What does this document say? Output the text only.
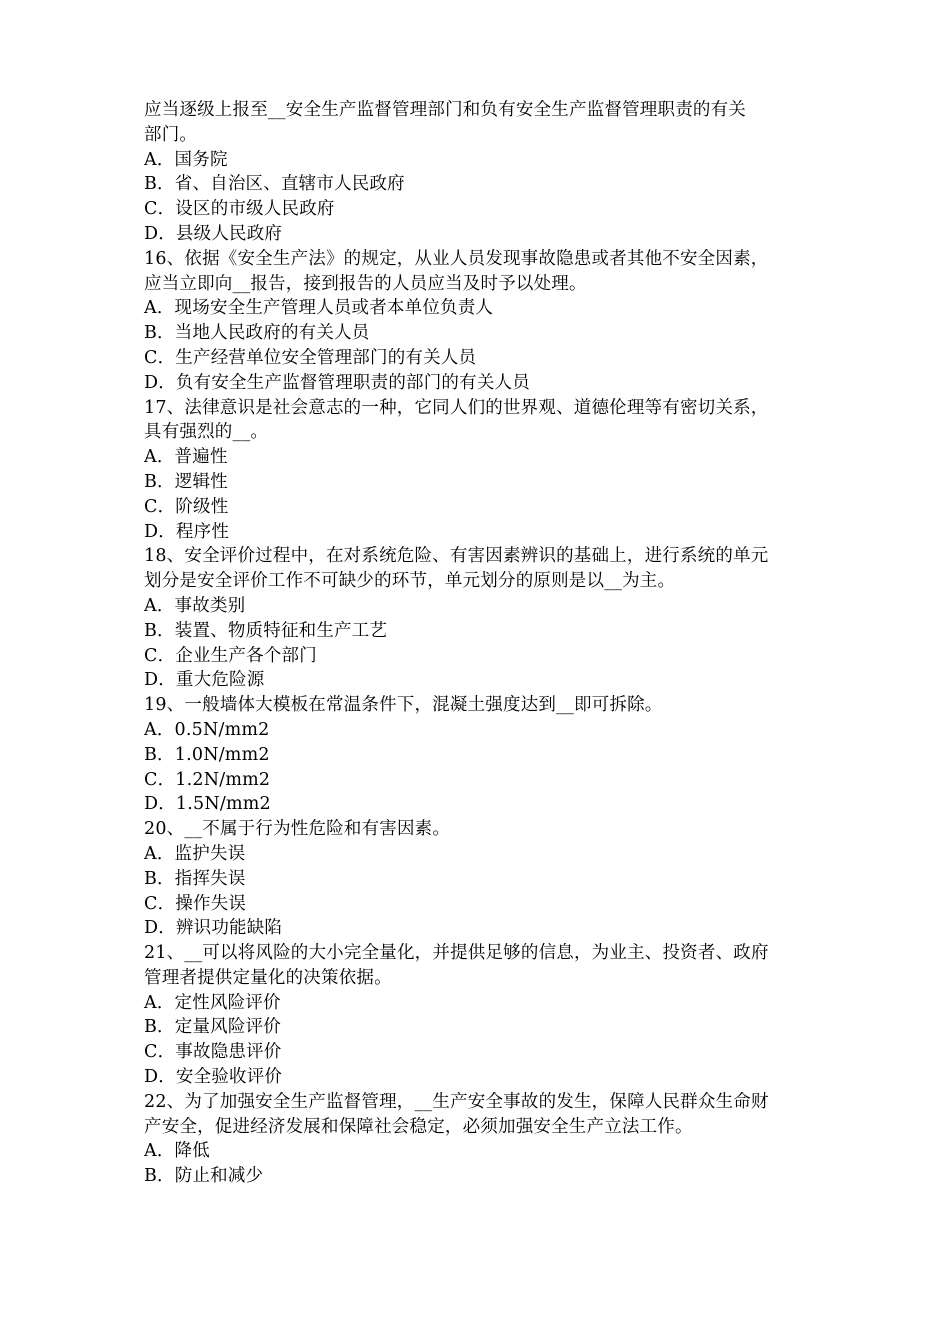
应当逐级上报至__安全生产监督管理部门和负有安全生产监督管理职责的有关
部门。
A．国务院
B．省、自治区、直辖市人民政府
C．设区的市级人民政府
D．县级人民政府
16、依据《安全生产法》的规定，从业人员发现事故隐患或者其他不安全因素，
应当立即向__报告，接到报告的人员应当及时予以处理。
A．现场安全生产管理人员或者本单位负责人
B．当地人民政府的有关人员
C．生产经营单位安全管理部门的有关人员
D．负有安全生产监督管理职责的部门的有关人员
17、法律意识是社会意志的一种，它同人们的世界观、道德伦理等有密切关系，
具有强烈的__。
A．普遍性
B．逻辑性
C．阶级性
D．程序性
18、安全评价过程中，在对系统危险、有害因素辨识的基础上，进行系统的单元
划分是安全评价工作不可缺少的环节，单元划分的原则是以__为主。
A．事故类别
B．装置、物质特征和生产工艺
C．企业生产各个部门
D．重大危险源
19、一般墙体大模板在常温条件下，混凝土强度达到__即可拆除。
A．0.5N/mm2
B．1.0N/mm2
C．1.2N/mm2
D．1.5N/mm2
20、__不属于行为性危险和有害因素。
A．监护失误
B．指挥失误
C．操作失误
D．辨识功能缺陷
21、__可以将风险的大小完全量化，并提供足够的信息，为业主、投资者、政府
管理者提供定量化的决策依据。
A．定性风险评价
B．定量风险评价
C．事故隐患评价
D．安全验收评价
22、为了加强安全生产监督管理，__生产安全事故的发生，保障人民群众生命财
产安全，促进经济发展和保障社会稳定，必须加强安全生产立法工作。
A．降低
B．防止和减少
